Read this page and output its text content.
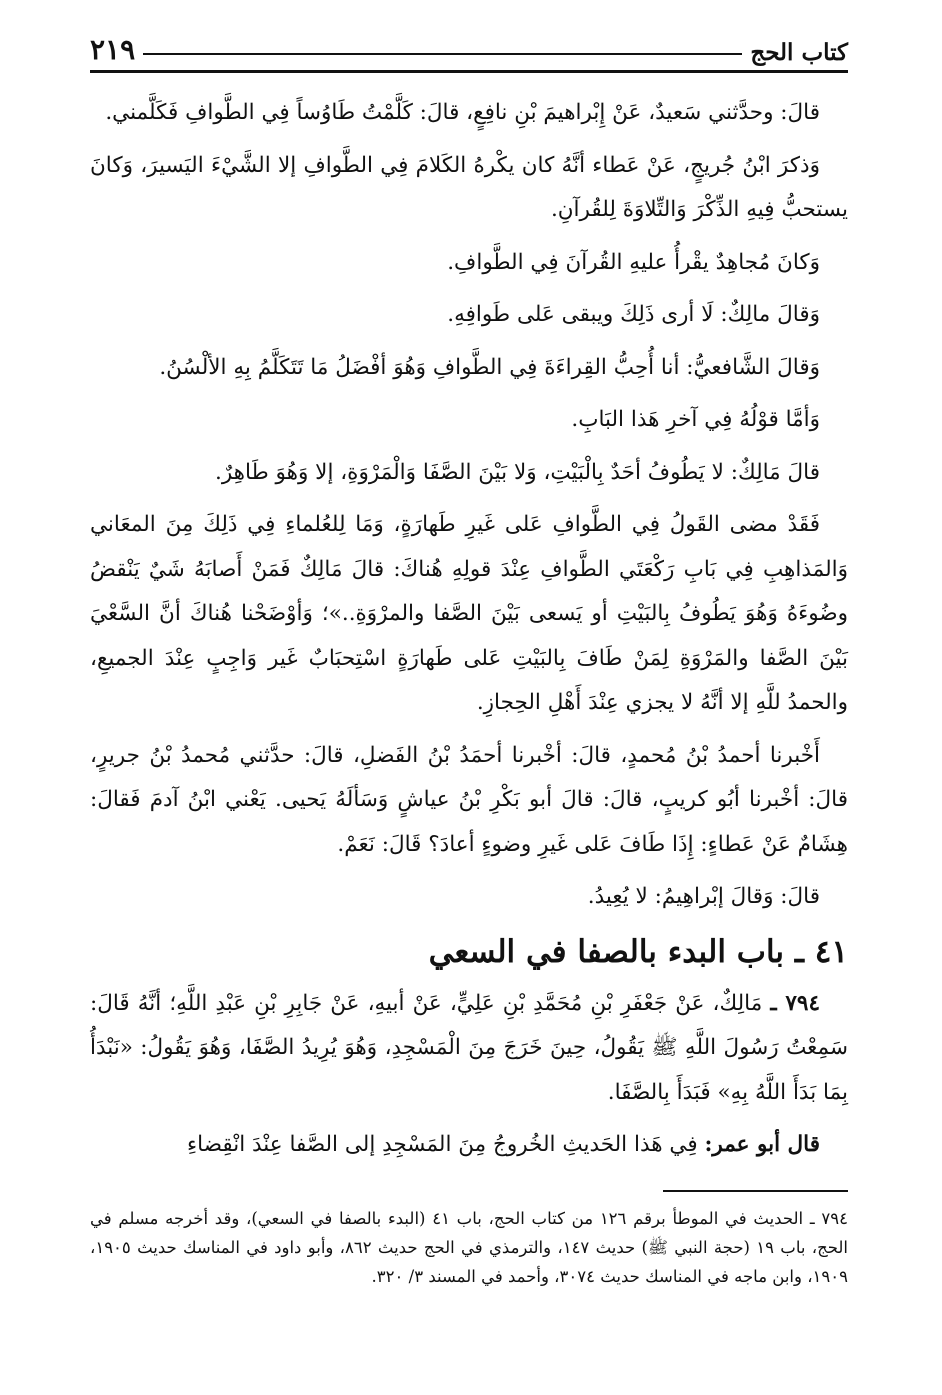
كتاب الحج
٢١٩

قالَ: وحدَّثني سَعيدٌ، عَنْ إِبْراهيمَ بْنِ نافِعٍ، قالَ: كَلَّمْتُ طَاوُساً فِي الطَّوافِ فَكَلَّمني.

وَذكرَ ابْنُ جُريجٍ، عَنْ عَطاء أنَّهُ كان يكْرهُ الكَلامَ فِي الطَّوافِ إلا الشَّيْءَ اليَسيرَ، وَكانَ يستحبُّ فِيهِ الذِّكْرَ وَالتِّلاوَةَ لِلقُرآنِ.

وَكانَ مُجاهِدٌ يقْرأُ عليهِ القُرآنَ فِي الطَّوافِ.

وَقالَ مالِكٌ: لَا أرى ذَلِكَ ويبقى عَلى طَوافِهِ.

وَقالَ الشَّافعيُّ: أنا أُحِبُّ القِراءَةَ فِي الطَّوافِ وَهُوَ أفْضَلُ مَا تَتَكَلَّمُ بِهِ الألْسُنُ.

وَأمَّا قوْلُهُ فِي آخرِ هَذا البَابِ.

قالَ مَالِكٌ: لا يَطُوفُ أحَدٌ بِالْبَيْتِ، وَلا بَيْنَ الصَّفَا وَالْمَرْوَةِ، إلا وَهُوَ طَاهِرٌ.

فَقَدْ مضى القَولُ فِي الطَّوافِ عَلى غَيرِ طَهارَةٍ، وَمَا لِلعُلماءِ فِي ذَلِكَ مِنَ المعَاني وَالمَذاهِبِ فِي بَابِ رَكْعَتَي الطَّوافِ عِنْدَ قولِهِ هُناكَ: قالَ مَالِكٌ فَمَنْ أَصابَهُ شَيٌ يَنْقضُ وضُوءَهُ وَهُوَ يَطُوفُ بِالبَيْتِ أو يَسعى بَيْنَ الصَّفا والمرْوَةِ..»؛ وَأوْضَحْنا هُناكَ أنَّ السَّعْيَ بَيْنَ الصَّفا والمَرْوَةِ لِمَنْ طَافَ بِالبَيْتِ عَلى طَهارَةٍ اسْتِحبَابٌ غَير وَاجِبٍ عِنْدَ الجميعِ، والحمدُ للَّهِ إلا أنَّهُ لا يجزي عِنْدَ أَهْلِ الحِجازِ.

أَخْبرنا أحمدُ بْنُ مُحمدٍ، قالَ: أخْبرنا أحمَدُ بْنُ الفَضلِ، قالَ: حدَّثني مُحمدُ بْنُ جريرٍ، قالَ: أخْبرنا أبُو كريبٍ، قالَ: قالَ أبو بَكْرِ بْنُ عياشٍ وَسَألَهُ يَحيى. يَعْني ابْنُ آدمَ فَقالَ: هِشَامٌ عَنْ عَطاءٍ: إِذَا طَافَ عَلى غَيرِ وضوءٍ أعادَ؟ قَالَ: نَعَمْ.

قالَ: وَقالَ إبْراهِيمُ: لا يُعِيدُ.

٤١ ـ باب البدء بالصفا في السعي

٧٩٤ ـ مَالِكٌ، عَنْ جَعْفَرِ بْنِ مُحَمَّدِ بْنِ عَلِيٍّ، عَنْ أبيهِ، عَنْ جَابِرِ بْنِ عَبْدِ اللَّهِ؛ أنَّهُ قَالَ: سَمِعْتُ رَسُولَ اللَّهِ ﷺ يَقُولُ، حِينَ خَرَجَ مِنَ الْمَسْجِدِ، وَهُوَ يُرِيدُ الصَّفَا، وَهُوَ يَقُولُ: «نَبْدَأُ بِمَا بَدَأَ اللَّهُ بِهِ» فَبَدَأَ بِالصَّفَا.

قال أبو عمر: فِي هَذا الحَديثِ الخُروجُ مِنَ المَسْجِدِ إلى الصَّفا عِنْدَ انْقِضاءِ

٧٩٤ ـ الحديث في الموطأ برقم ١٢٦ من كتاب الحج، باب ٤١ (البدء بالصفا في السعي)، وقد أخرجه مسلم في الحج، باب ١٩ (حجة النبي ﷺ) حديث ١٤٧، والترمذي في الحج حديث ٨٦٢، وأبو داود في المناسك حديث ١٩٠٥، ١٩٠٩، وابن ماجه في المناسك حديث ٣٠٧٤، وأحمد في المسند ٣/ ٣٢٠.
